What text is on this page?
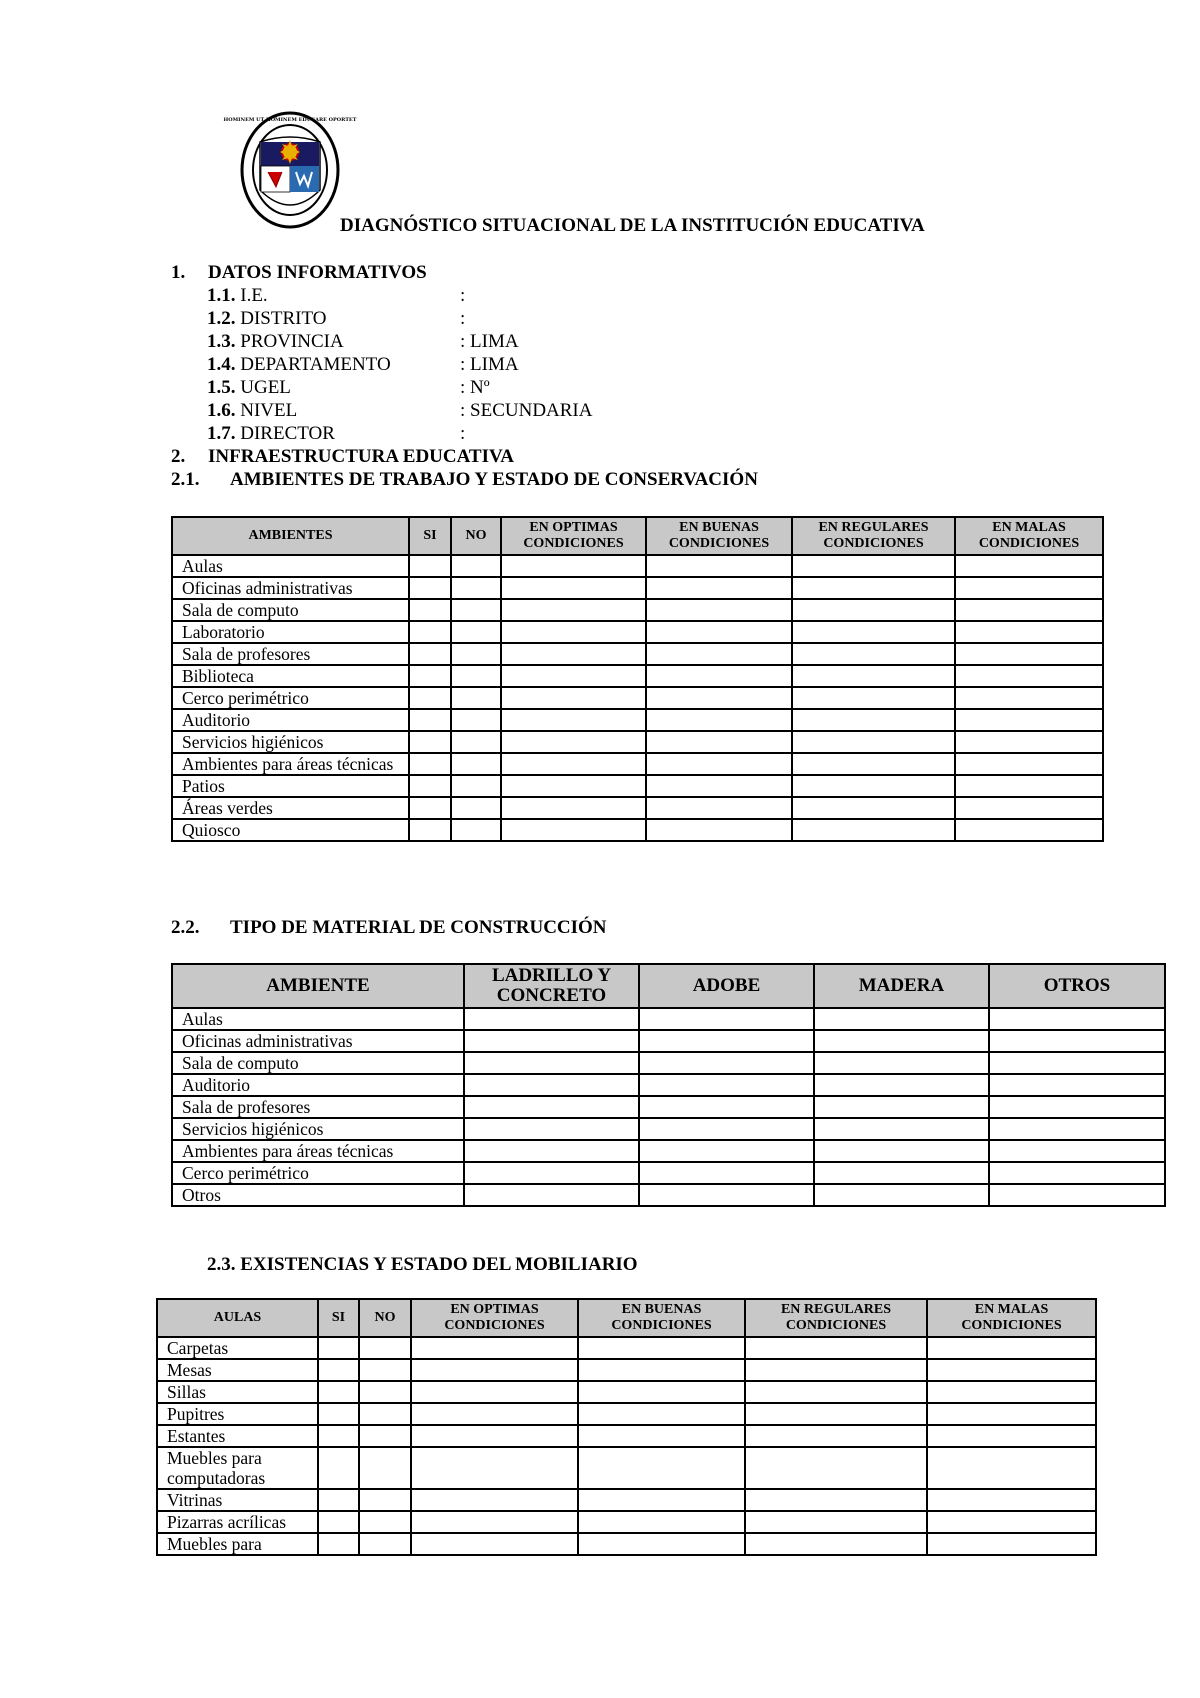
HOMINEM UT HOMINEM EDUCARE OPORTET
DIAGNÓSTICO SITUACIONAL DE LA INSTITUCIÓN EDUCATIVA
1. DATOS INFORMATIVOS
1.1. I.E.	:
1.2. DISTRITO	:
1.3. PROVINCIA	: LIMA
1.4. DEPARTAMENTO	: LIMA
1.5. UGEL	: Nº
1.6. NIVEL	: SECUNDARIA
1.7. DIRECTOR	:
2. INFRAESTRUCTURA EDUCATIVA
2.1. AMBIENTES DE TRABAJO Y ESTADO DE CONSERVACIÓN
AMBIENTES	SI	NO	EN OPTIMAS CONDICIONES	EN BUENAS CONDICIONES	EN REGULARES CONDICIONES	EN MALAS CONDICIONES
Aulas						
Oficinas administrativas						
Sala de computo						
Laboratorio						
Sala de profesores						
Biblioteca						
Cerco perimétrico						
Auditorio						
Servicios higiénicos						
Ambientes para áreas técnicas						
Patios						
Áreas verdes						
Quiosco						
2.2. TIPO DE MATERIAL DE CONSTRUCCIÓN
AMBIENTE	LADRILLO Y CONCRETO	ADOBE	MADERA	OTROS
Aulas				
Oficinas administrativas				
Sala de computo				
Auditorio				
Sala de profesores				
Servicios higiénicos				
Ambientes para áreas técnicas				
Cerco perimétrico				
Otros				
2.3. EXISTENCIAS Y ESTADO DEL MOBILIARIO
AULAS	SI	NO	EN OPTIMAS CONDICIONES	EN BUENAS CONDICIONES	EN REGULARES CONDICIONES	EN MALAS CONDICIONES
Carpetas						
Mesas						
Sillas						
Pupitres						
Estantes						
Muebles para computadoras						
Vitrinas						
Pizarras acrílicas						
Muebles para						
